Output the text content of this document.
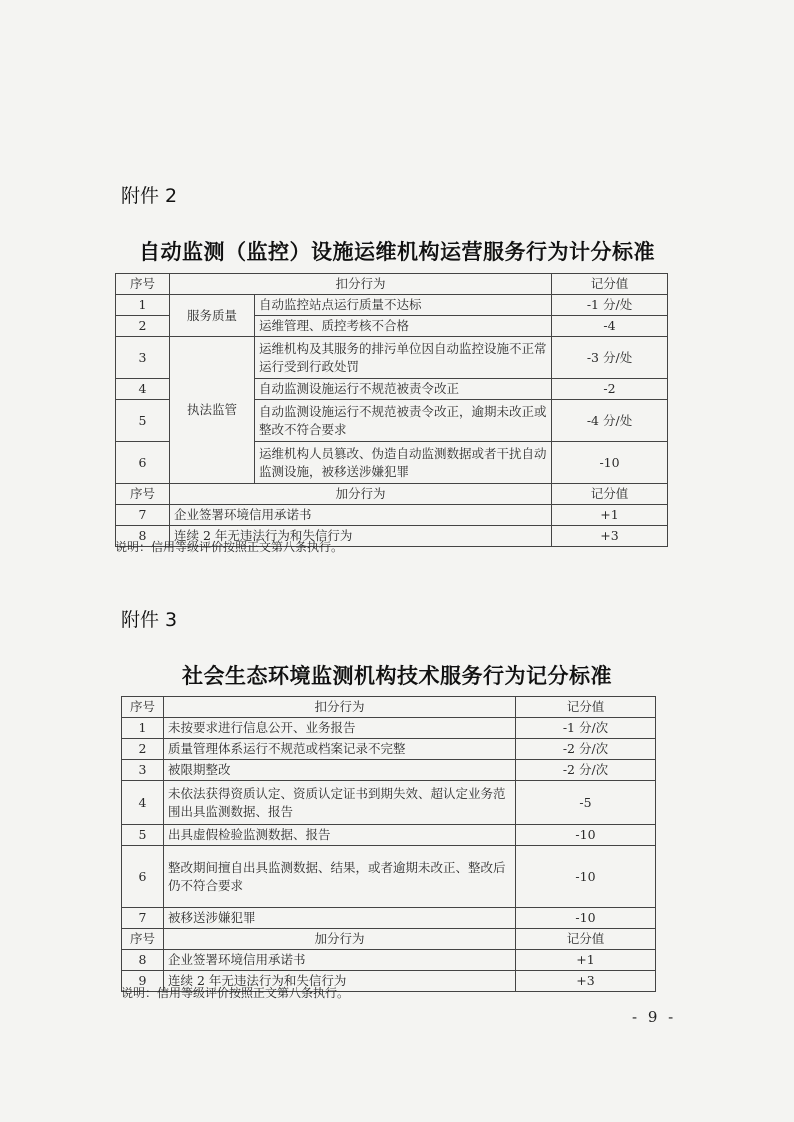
附件 2
自动监测（监控）设施运维机构运营服务行为计分标准
序号	扣分行为		记分值
1	服务质量	自动监控站点运行质量不达标	-1 分/处
2		运维管理、质控考核不合格	-4
3	执法监管	运维机构及其服务的排污单位因自动监控设施不正常运行受到行政处罚	-3 分/处
4		自动监测设施运行不规范被责令改正	-2
5		自动监测设施运行不规范被责令改正，逾期未改正或整改不符合要求	-4 分/处
6		运维机构人员篡改、伪造自动监测数据或者干扰自动监测设施，被移送涉嫌犯罪	-10
序号	加分行为		记分值
7	企业签署环境信用承诺书		+1
8	连续 2 年无违法行为和失信行为		+3
说明：信用等级评价按照正文第八条执行。
附件 3
社会生态环境监测机构技术服务行为记分标准
序号	扣分行为	记分值
1	未按要求进行信息公开、业务报告	-1 分/次
2	质量管理体系运行不规范或档案记录不完整	-2 分/次
3	被限期整改	-2 分/次
4	未依法获得资质认定、资质认定证书到期失效、超认定业务范围出具监测数据、报告	-5
5	出具虚假检验监测数据、报告	-10
6	整改期间擅自出具监测数据、结果，或者逾期未改正、整改后仍不符合要求	-10
7	被移送涉嫌犯罪	-10
序号	加分行为	记分值
8	企业签署环境信用承诺书	+1
9	连续 2 年无违法行为和失信行为	+3
说明：信用等级评价按照正文第八条执行。
- 9 -
